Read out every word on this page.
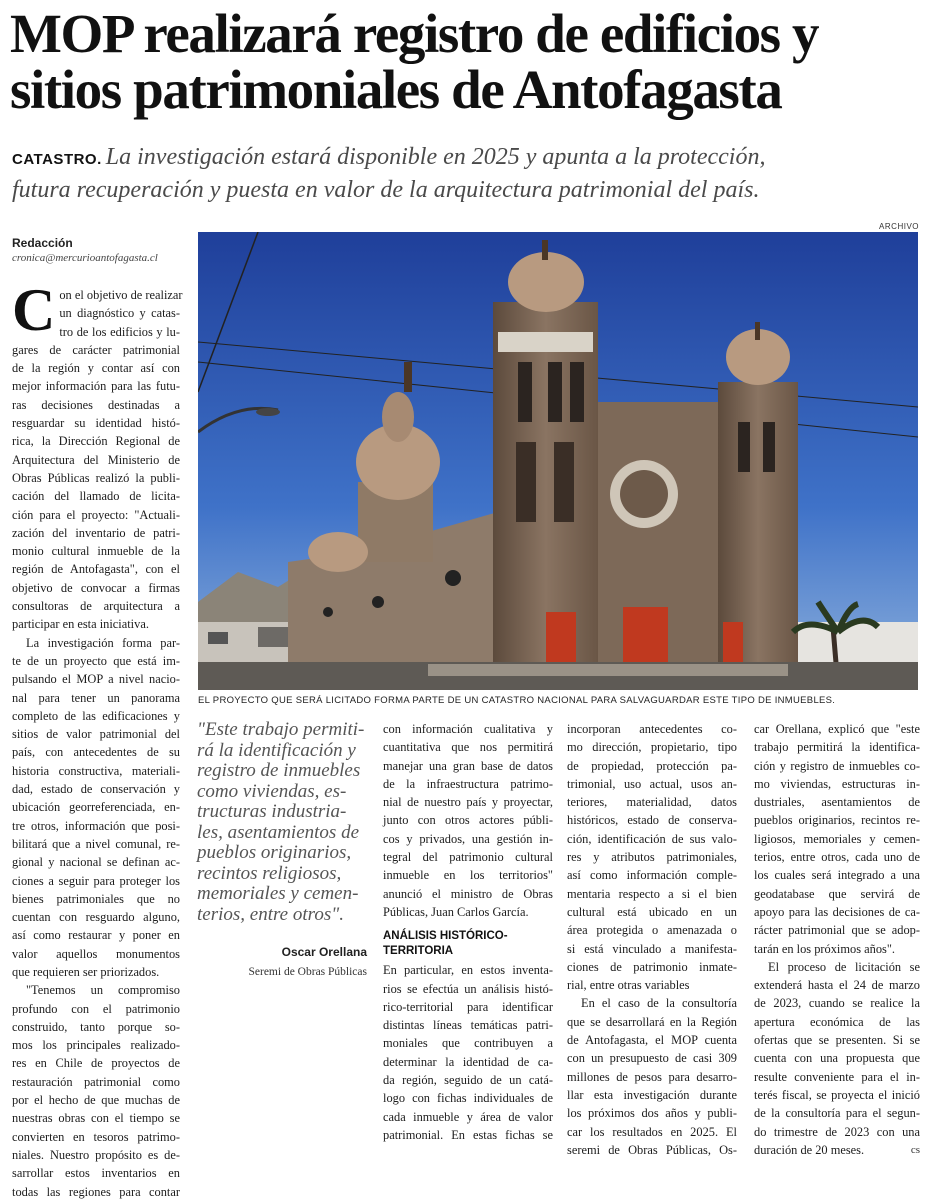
MOP realizará registro de edificios y
sitios patrimoniales de Antofagasta
CATASTRO. La investigación estará disponible en 2025 y apunta a la protección,
futura recuperación y puesta en valor de la arquitectura patrimonial del país.
ARCHIVO
Redacción
cronica@mercurioantofagasta.cl
EL PROYECTO QUE SERÁ LICITADO FORMA PARTE DE UN CATASTRO NACIONAL PARA SALVAGUARDAR ESTE TIPO DE INMUEBLES.
C on el objetivo de realizar
un diagnóstico y catas-
tro de los edificios y lu-
gares de carácter patrimonial
de la región y contar así con
mejor información para las futu-
ras decisiones destinadas a
resguardar su identidad histó-
rica, la Dirección Regional de
Arquitectura del Ministerio de
Obras Públicas realizó la publi-
cación del llamado de licita-
ción para el proyecto: "Actuali-
zación del inventario de patri-
monio cultural inmueble de la
región de Antofagasta", con el
objetivo de convocar a firmas
consultoras de arquitectura a
participar en esta iniciativa.
La investigación forma par-
te de un proyecto que está im-
pulsando el MOP a nivel nacio-
nal para tener un panorama
completo de las edificaciones y
sitios de valor patrimonial del
país, con antecedentes de su
historia constructiva, materiali-
dad, estado de conservación y
ubicación georreferenciada, en-
tre otros, información que posi-
bilitará que a nivel comunal, re-
gional y nacional se definan ac-
ciones a seguir para proteger los
bienes patrimoniales que no
cuentan con resguardo alguno,
así como restaurar y poner en
valor aquellos monumentos
que requieren ser priorizados.
"Tenemos un compromiso
profundo con el patrimonio
construido, tanto porque so-
mos los principales realizado-
res en Chile de proyectos de
restauración patrimonial como
por el hecho de que muchas de
nuestras obras con el tiempo se
convierten en tesoros patrimo-
niales. Nuestro propósito es de-
sarrollar estos inventarios en
todas las regiones para contar
"Este trabajo permiti-
rá la identificación y
registro de inmuebles
como viviendas, es-
tructuras industria-
les, asentamientos de
pueblos originarios,
recintos religiosos,
memoriales y cemen-
terios, entre otros".
Oscar Orellana
Seremi de Obras Públicas
con información cualitativa y
cuantitativa que nos permitirá
manejar una gran base de datos
de la infraestructura patrimo-
nial de nuestro país y proyectar,
junto con otros actores públi-
cos y privados, una gestión in-
tegral del patrimonio cultural
inmueble en los territorios"
anunció el ministro de Obras
Públicas, Juan Carlos García.
ANÁLISIS HISTÓRICO-
TERRITORIA
En particular, en estos inventa-
rios se efectúa un análisis histó-
rico-territorial para identificar
distintas líneas temáticas patri-
moniales que contribuyen a
determinar la identidad de ca-
da región, seguido de un catá-
logo con fichas individuales de
cada inmueble y área de valor
patrimonial. En estas fichas se
incorporan antecedentes co-
mo dirección, propietario, tipo
de propiedad, protección pa-
trimonial, uso actual, usos an-
teriores, materialidad, datos
históricos, estado de conserva-
ción, identificación de sus valo-
res y atributos patrimoniales,
así como información comple-
mentaria respecto a si el bien
cultural está ubicado en un
área protegida o amenazada o
si está vinculado a manifesta-
ciones de patrimonio inmate-
rial, entre otras variables
En el caso de la consultoría
que se desarrollará en la Región
de Antofagasta, el MOP cuenta
con un presupuesto de casi 309
millones de pesos para desarro-
llar esta investigación durante
los próximos dos años y publi-
car los resultados en 2025. El
seremi de Obras Públicas, Os-
car Orellana, explicó que "este
trabajo permitirá la identifica-
ción y registro de inmuebles co-
mo viviendas, estructuras in-
dustriales, asentamientos de
pueblos originarios, recintos re-
ligiosos, memoriales y cemen-
terios, entre otros, cada uno de
los cuales será integrado a una
geodatabase que servirá de
apoyo para las decisiones de ca-
rácter patrimonial que se adop-
tarán en los próximos años".
El proceso de licitación se
extenderá hasta el 24 de marzo
de 2023, cuando se realice la
apertura económica de las
ofertas que se presenten. Si se
cuenta con una propuesta que
resulte conveniente para el in-
terés fiscal, se proyecta el inició
de la consultoría para el segun-
do trimestre de 2023 con una
duración de 20 meses.	cs
